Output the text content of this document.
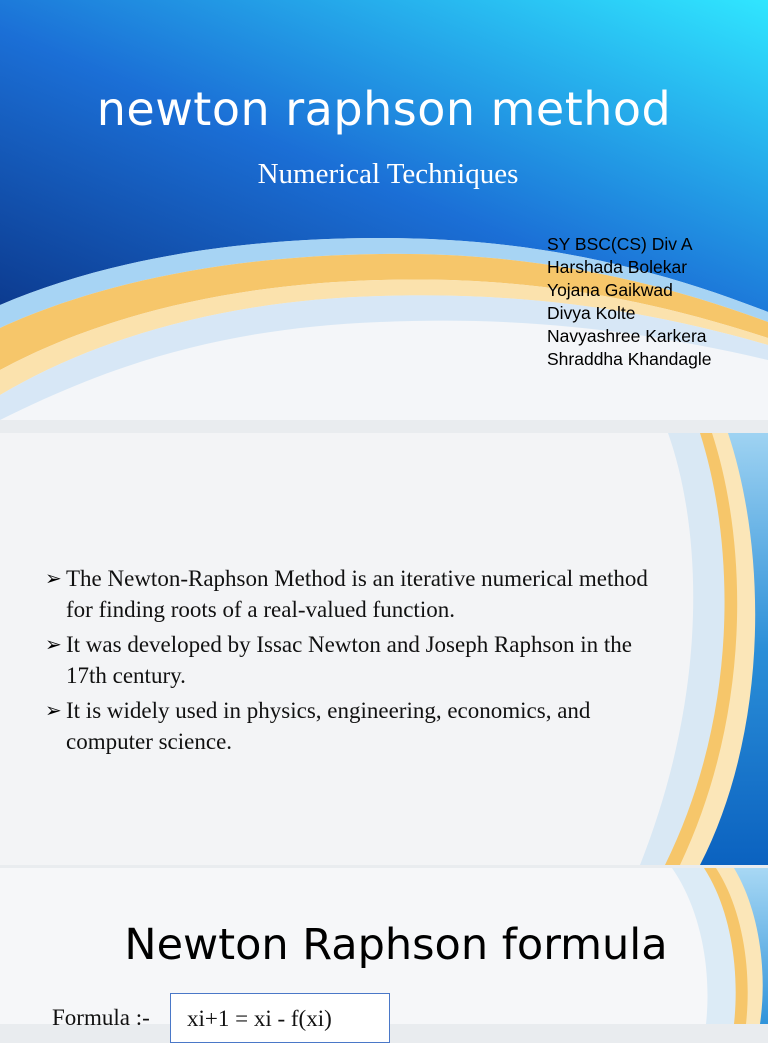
newton raphson method
Numerical Techniques
SY BSC(CS) Div A
Harshada Bolekar
Yojana Gaikwad
Divya Kolte
Navyashree Karkera
Shraddha Khandagle
➢ The Newton-Raphson Method is an iterative numerical method for finding roots of a real-valued function.
➢ It was developed by Issac Newton and Joseph Raphson in the 17th century.
➢ It is widely used in physics, engineering, economics, and computer science.
Newton Raphson formula
Formula :-	xi+1 = xi - f(xi)
